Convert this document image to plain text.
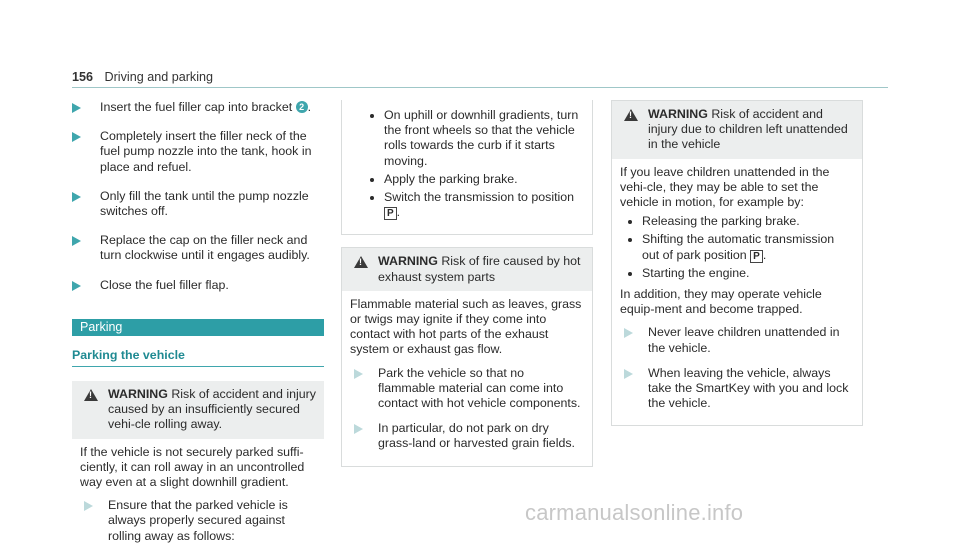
156 Driving and parking
Insert the fuel filler cap into bracket 2 .
Completely insert the filler neck of the fuel pump nozzle into the tank, hook in place and refuel.
Only fill the tank until the pump nozzle switches off.
Replace the cap on the filler neck and turn clockwise until it engages audibly.
Close the fuel filler flap.
Parking
Parking the vehicle
!
WARNING Risk of accident and injury caused by an insufficiently secured vehi-cle rolling away.
If the vehicle is not securely parked suffi-ciently, it can roll away in an uncontrolled way even at a slight downhill gradient.
Ensure that the parked vehicle is always properly secured against rolling away as follows:
On uphill or downhill gradients, turn the front wheels so that the vehicle rolls towards the curb if it starts moving.
Apply the parking brake.
Switch the transmission to position
P .
!
WARNING Risk of fire caused by hot exhaust system parts
Flammable material such as leaves, grass or twigs may ignite if they come into contact with hot parts of the exhaust system or exhaust gas flow.
Park the vehicle so that no flammable material can come into contact with hot vehicle components.
In particular, do not park on dry grass-land or harvested grain fields.
!
WARNING Risk of accident and injury due to children left unattended in the vehicle
If you leave children unattended in the vehi-cle, they may be able to set the vehicle in motion, for example by:
Releasing the parking brake.
Shifting the automatic transmission out of park position P .
Starting the engine.
In addition, they may operate vehicle equip-ment and become trapped.
Never leave children unattended in the vehicle.
When leaving the vehicle, always take the SmartKey with you and lock the vehicle.
carmanualsonline.info
